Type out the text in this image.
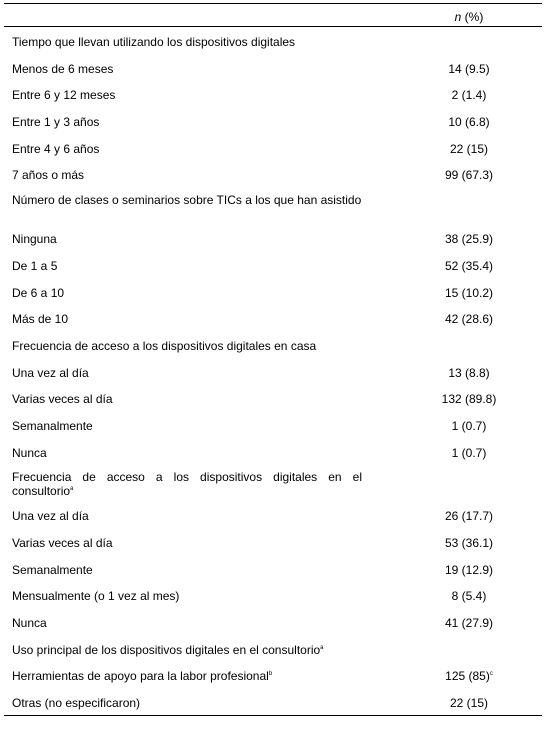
n (%)
Tiempo que llevan utilizando los dispositivos digitales
Menos de 6 meses	14 (9.5)
Entre 6 y 12 meses	2 (1.4)
Entre 1 y 3 años	10 (6.8)
Entre 4 y 6 años	22 (15)
7 años o más	99 (67.3)
Número de clases o seminarios sobre TICs a los que han asistido
Ninguna	38 (25.9)
De 1 a 5	52 (35.4)
De 6 a 10	15 (10.2)
Más de 10	42 (28.6)
Frecuencia de acceso a los dispositivos digitales en casa
Una vez al día	13 (8.8)
Varias veces al día	132 (89.8)
Semanalmente	1 (0.7)
Nunca	1 (0.7)
Frecuencia de acceso a los dispositivos digitales en el consultorio$^a$
Una vez al día	26 (17.7)
Varias veces al día	53 (36.1)
Semanalmente	19 (12.9)
Mensualmente (o 1 vez al mes)	8 (5.4)
Nunca	41 (27.9)
Uso principal de los dispositivos digitales en el consultorio$^a$
Herramientas de apoyo para la labor profesional$^b$	125 $(85)^c$
Otras (no especificaron)	22 (15)
